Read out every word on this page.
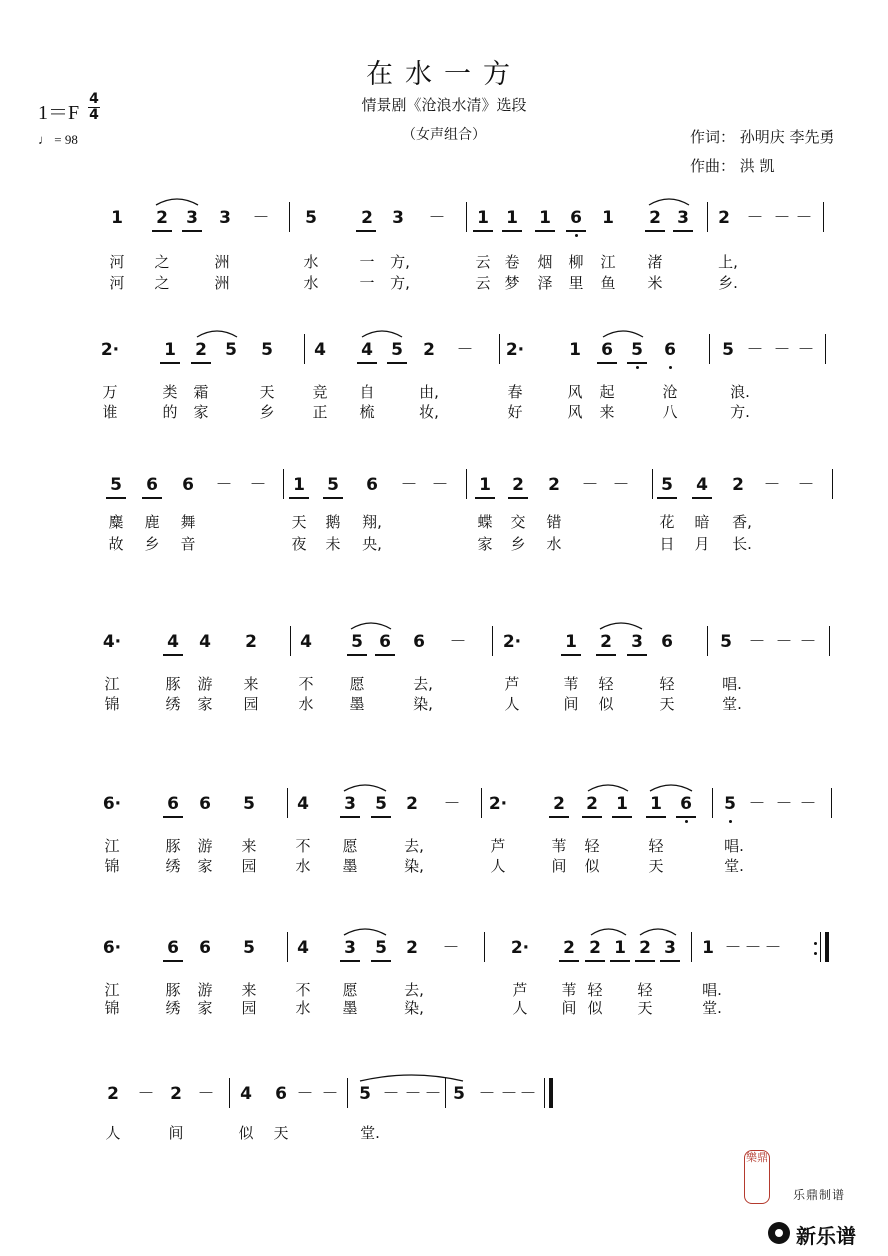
在水一方
情景剧《沧浪水清》选段
（女声组合）
1＝F
4
4
♩ = 98	作词： 孙明庆 李先勇
作曲： 洪 凯
1 2 3 3 － 5	2 3 － 1 1 1 6 1 2 3 2 － － －
河 之	洲	水	一 方,	云 卷 烟 柳 江 渚	上,
河 之	洲	水	一 方,	云 梦 泽 里 鱼 米	乡.
2·	1 2 5 5 4 4 5 2 － 2·	1 6 5 6	5 － － －
万	类 霜	天	竞 自	由,	春	风 起	沧	浪.
谁	的 家	乡	正 梳	妆,	好	风 来	八	方.
5 6 6 － － 1 5 6 － － 1 2 2 － － 5 4 2 － －
麋 鹿 舞	天 鹅 翔,	蝶 交 错	花 暗 香,
故 乡 音	夜 未 央,	家 乡 水	日 月 长.
4·	4 4 2	4 5 6 6 － 2·	1 2 3 6	5 － － －
江	豚 游 来	不 愿	去,	芦	苇 轻	轻	唱.
锦	绣 家 园	水 墨	染,	人	间 似	天	堂.
6·	6 6 5 4 3 5 2 － 2·	2 2 1 1 6 5 － － －
江	豚 游 来	不 愿	去,	芦	苇 轻	轻	唱.
锦	绣 家 园	水 墨	染,	人	间 似	天	堂.
6·	6 6 5 4 3 5 2 －	2· 2 2 1 2 3 1 － － －
江	豚 游 来	不 愿	去,	芦 苇 轻 轻	唱.
锦	绣 家 园	水 墨	染,	人 间 似 天	堂.
2 － 2 － 4 6 － － 5 － － － 5 － － －
人	间	似 天	堂.
樂鼎
乐鼎制谱
新乐谱
